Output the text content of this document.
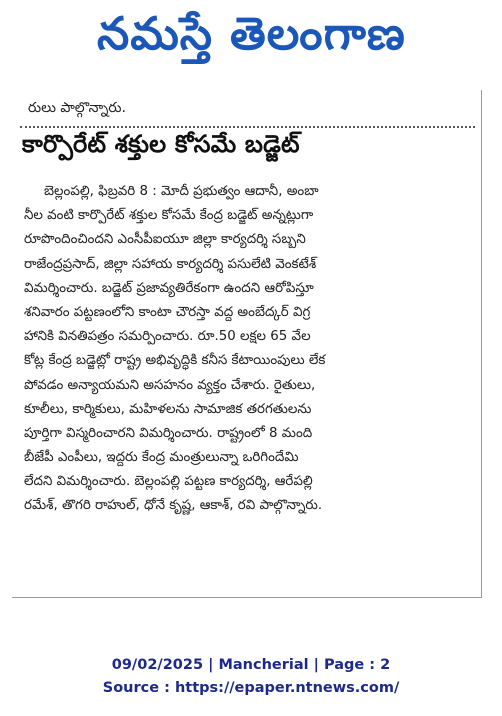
నమస్తే తెలంగాణ
రులు పాల్గొన్నారు.
కార్పొరేట్ శక్తుల కోసమే బడ్జెట్
బెల్లంపల్లి, ఫిబ్రవరి 8 : మోదీ ప్రభుత్వం ఆదానీ, అంబా
నీల వంటి కార్పొరేట్ శక్తుల కోసమే కేంద్ర బడ్జెట్ అన్నట్లుగా
రూపొందించిందని ఎంసీపీఐయూ జిల్లా కార్యదర్శి సబ్బని
రాజేంద్రప్రసాద్, జిల్లా సహాయ కార్యదర్శి పసులేటి వెంకటేశ్
విమర్శించారు. బడ్జెట్ ప్రజావ్యతిరేకంగా ఉందని ఆరోపిస్తూ
శనివారం పట్టణంలోని కాంటా చౌరస్తా వద్ద అంబేద్కర్ విగ్ర
హానికి వినతిపత్రం సమర్పించారు. రూ.50 లక్షల 65 వేల
కోట్ల కేంద్ర బడ్జెట్లో రాష్ట్ర అభివృద్ధికి కనీస కేటాయింపులు లేక
పోవడం అన్యాయమని అసహనం వ్యక్తం చేశారు. రైతులు,
కూలీలు, కార్మికులు, మహిళలను సామాజిక తరగతులను
పూర్తిగా విస్మరించారని విమర్శించారు. రాష్ట్రంలో 8 మంది
బీజేపీ ఎంపీలు, ఇద్దరు కేంద్ర మంత్రులున్నా ఒరిగిందేమి
లేదని విమర్శించారు. బెల్లంపల్లి పట్టణ కార్యదర్శి, ఆరేపల్లి
రమేశ్, తొగరి రాహుల్, ధోనే కృష్ణ, ఆకాశ్, రవి పాల్గొన్నారు.
09/02/2025 | Mancherial | Page : 2
Source : https://epaper.ntnews.com/
